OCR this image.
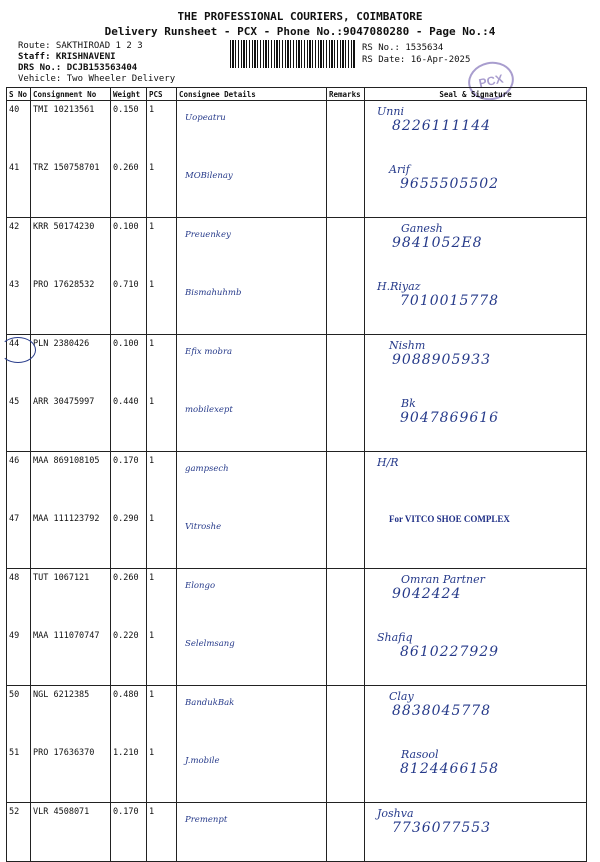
THE PROFESSIONAL COURIERS, COIMBATORE
Delivery Runsheet - PCX - Phone No.:9047080280 - Page No.:4
Route: SAKTHIROAD 1 2 3
Staff: KRISHNAVENI
DRS No.: DCJB153563404
Vehicle: Two Wheeler Delivery
RS No.: 1535634
RS Date: 16-Apr-2025
PCX
S No	Consignment No	Weight	PCS	Consignee Details	Remarks	Seal & Signature
40	TMI 10213561	0.150	1	Uopeatru		Unni
8226111144

41	TRZ 150758701	0.260	1	MOBilenay		Arif
9655505502

42	KRR 50174230	0.100	1	Preuenkey		Ganesh
9841052E8

43	PRO 17628532	0.710	1	Bismahuhmb		H.Riyaz
7010015778

44	PLN 2380426	0.100	1	Efix mobra		Nishm
9088905933

45	ARR 30475997	0.440	1	mobilexept		Bk
9047869616

46	MAA 869108105	0.170	1	gampsech		H/R

47	MAA 111123792	0.290	1	Vitroshe		For VITCO SHOE COMPLEX

48	TUT 1067121	0.260	1	Elongo		Omran Partner
9042424

49	MAA 111070747	0.220	1	Selelmsang		Shafiq
8610227929

50	NGL 6212385	0.480	1	BandukBak		Clay
8838045778

51	PRO 17636370	1.210	1	J.mobile		Rasool
8124466158

52	VLR 4508071	0.170	1	Premenpt		Joshva
7736077553
